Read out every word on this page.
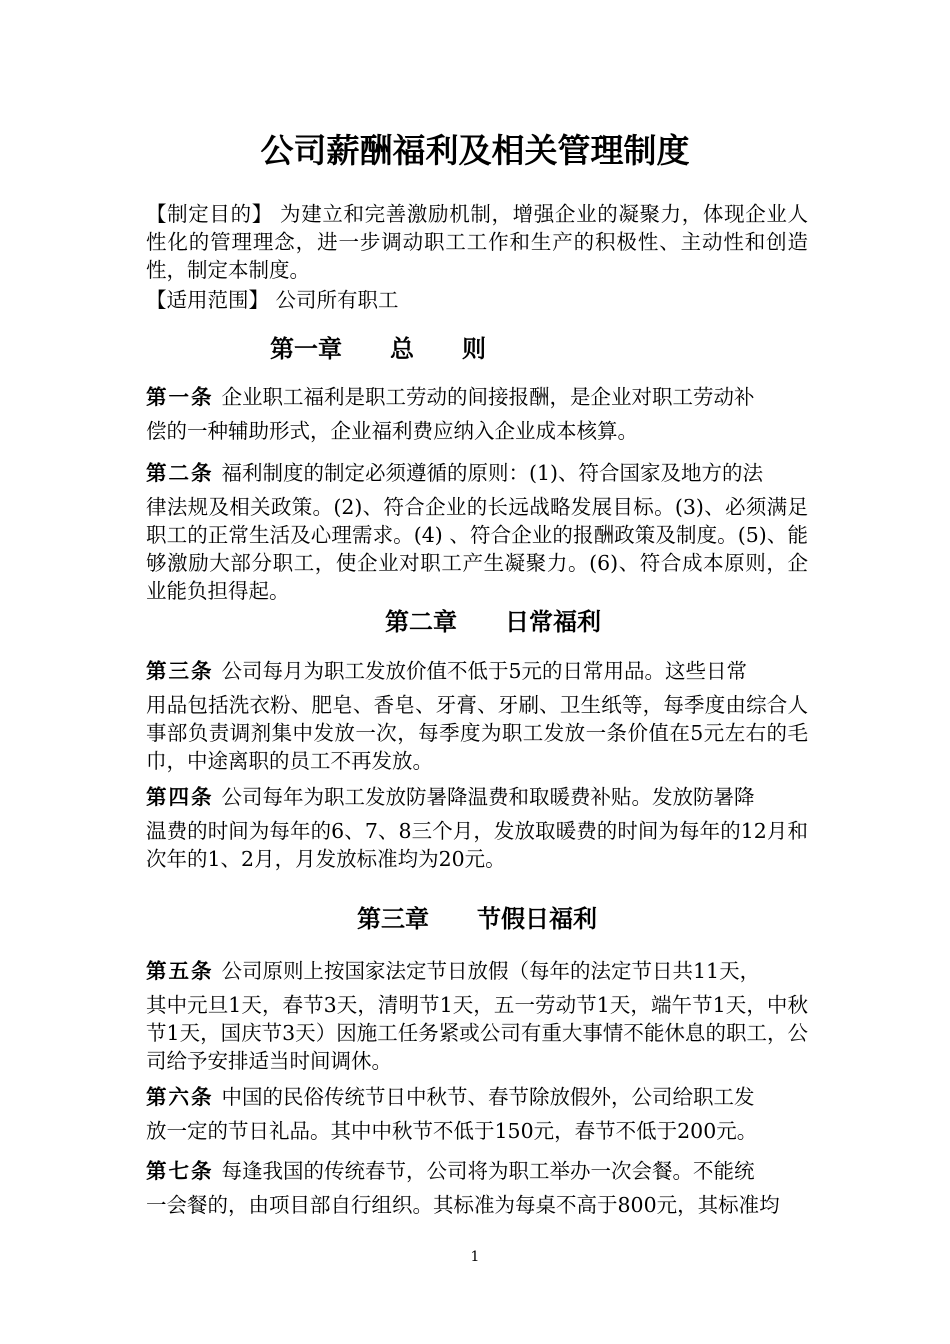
公司薪酬福利及相关管理制度

【制定目的】 为建立和完善激励机制，增强企业的凝聚力，体现企业人性化的管理理念，进一步调动职工工作和生产的积极性、主动性和创造性，制定本制度。

【适用范围】 公司所有职工

第一章　　总　　则

第一条 企业职工福利是职工劳动的间接报酬，是企业对职工劳动补
偿的一种辅助形式，企业福利费应纳入企业成本核算。

第二条 福利制度的制定必须遵循的原则：(1)、符合国家及地方的法
律法规及相关政策。(2)、符合企业的长远战略发展目标。(3)、必须满足职工的正常生活及心理需求。(4) 、符合企业的报酬政策及制度。(5)、能够激励大部分职工，使企业对职工产生凝聚力。(6)、符合成本原则，企业能负担得起。

第二章　　日常福利

第三条 公司每月为职工发放价值不低于5元的日常用品。这些日常
用品包括洗衣粉、肥皂、香皂、牙膏、牙刷、卫生纸等，每季度由综合人事部负责调剂集中发放一次，每季度为职工发放一条价值在5元左右的毛巾，中途离职的员工不再发放。

第四条 公司每年为职工发放防暑降温费和取暖费补贴。发放防暑降
温费的时间为每年的6、7、8三个月，发放取暖费的时间为每年的12月和次年的1、2月，月发放标准均为20元。

第三章　　节假日福利

第五条 公司原则上按国家法定节日放假（每年的法定节日共11天，
其中元旦1天，春节3天，清明节1天，五一劳动节1天，端午节1天，中秋节1天，国庆节3天）因施工任务紧或公司有重大事情不能休息的职工，公司给予安排适当时间调休。

第六条 中国的民俗传统节日中秋节、春节除放假外，公司给职工发
放一定的节日礼品。其中中秋节不低于150元，春节不低于200元。

第七条 每逢我国的传统春节，公司将为职工举办一次会餐。不能统
一会餐的，由项目部自行组织。其标准为每桌不高于800元，其标准均

1
